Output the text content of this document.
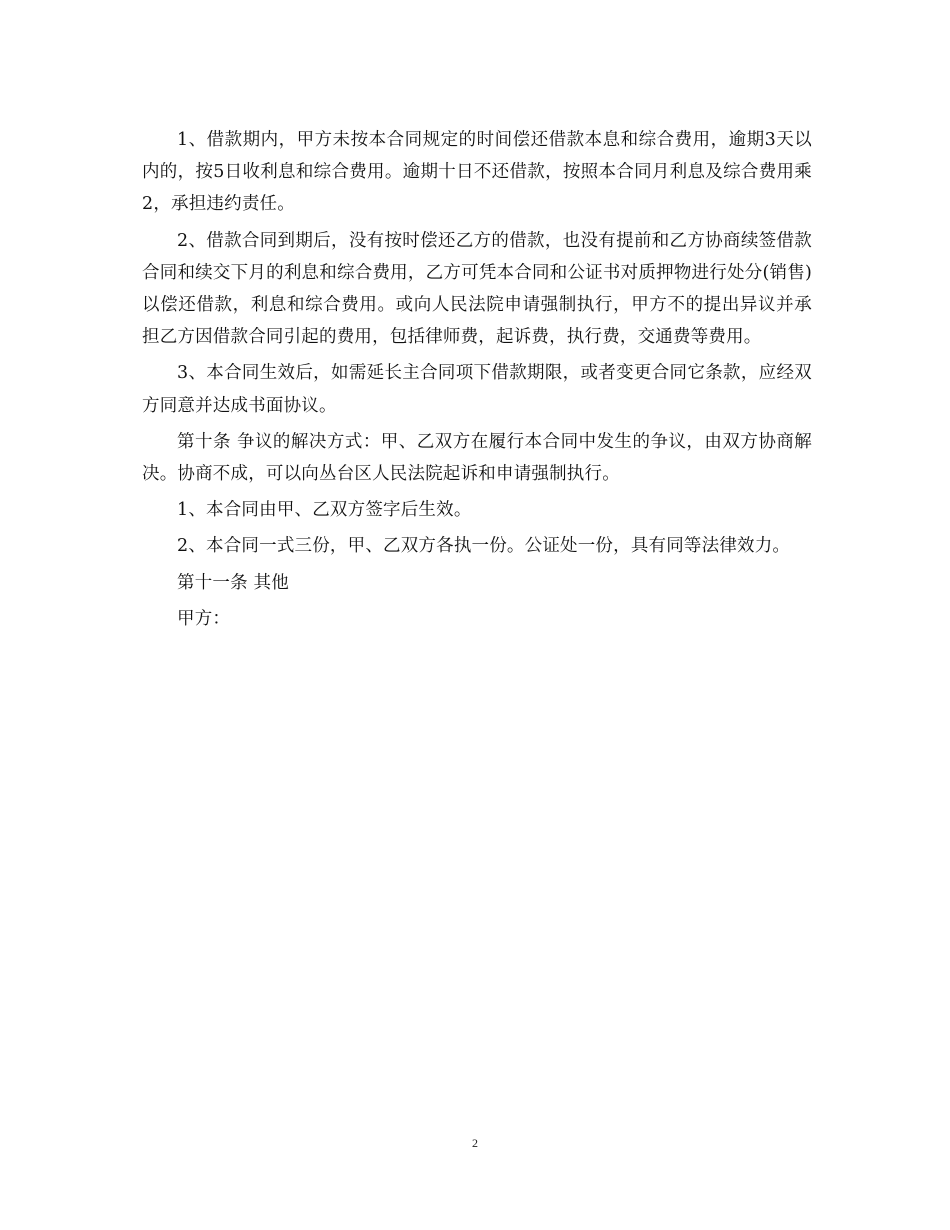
1、借款期内，甲方未按本合同规定的时间偿还借款本息和综合费用，逾期3天以内的，按5日收利息和综合费用。逾期十日不还借款，按照本合同月利息及综合费用乘2，承担违约责任。

2、借款合同到期后，没有按时偿还乙方的借款，也没有提前和乙方协商续签借款合同和续交下月的利息和综合费用，乙方可凭本合同和公证书对质押物进行处分(销售)以偿还借款，利息和综合费用。或向人民法院申请强制执行，甲方不的提出异议并承担乙方因借款合同引起的费用，包括律师费，起诉费，执行费，交通费等费用。

3、本合同生效后，如需延长主合同项下借款期限，或者变更合同它条款，应经双方同意并达成书面协议。

第十条 争议的解决方式：甲、乙双方在履行本合同中发生的争议，由双方协商解决。协商不成，可以向丛台区人民法院起诉和申请强制执行。

1、本合同由甲、乙双方签字后生效。

2、本合同一式三份，甲、乙双方各执一份。公证处一份，具有同等法律效力。

第十一条 其他

甲方：

2
